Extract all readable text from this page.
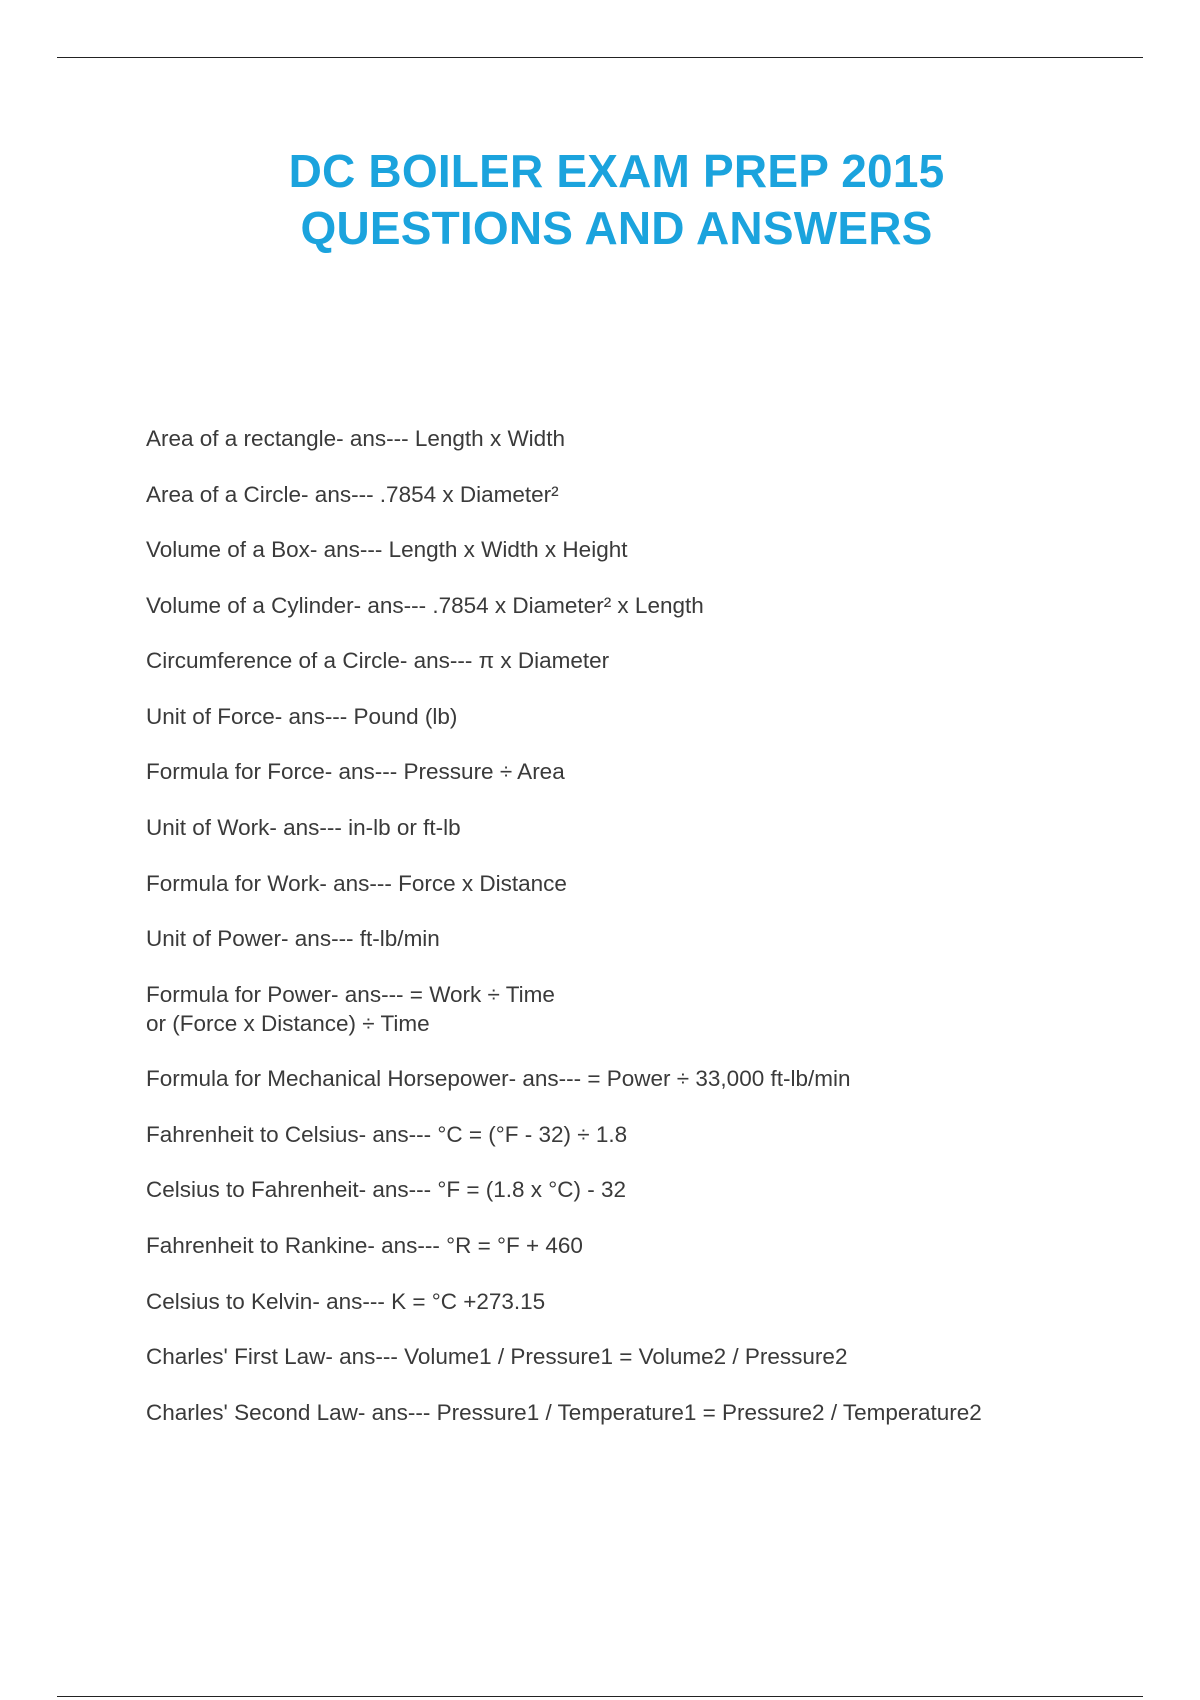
DC BOILER EXAM PREP 2015
QUESTIONS AND ANSWERS
Area of a rectangle- ans--- Length x Width
Area of a Circle- ans--- .7854 x Diameter²
Volume of a Box- ans--- Length x Width x Height
Volume of a Cylinder- ans--- .7854 x Diameter² x Length
Circumference of a Circle- ans--- π x Diameter
Unit of Force- ans--- Pound (lb)
Formula for Force- ans--- Pressure ÷ Area
Unit of Work- ans--- in-lb or ft-lb
Formula for Work- ans--- Force x Distance
Unit of Power- ans--- ft-lb/min
Formula for Power- ans--- = Work ÷ Time
or (Force x Distance) ÷ Time
Formula for Mechanical Horsepower- ans--- = Power ÷ 33,000 ft-lb/min
Fahrenheit to Celsius- ans--- °C = (°F - 32) ÷ 1.8
Celsius to Fahrenheit- ans--- °F = (1.8 x °C) - 32
Fahrenheit to Rankine- ans--- °R = °F + 460
Celsius to Kelvin- ans--- K = °C +273.15
Charles' First Law- ans--- Volume1 / Pressure1 = Volume2 / Pressure2
Charles' Second Law- ans--- Pressure1 / Temperature1 = Pressure2 / Temperature2
